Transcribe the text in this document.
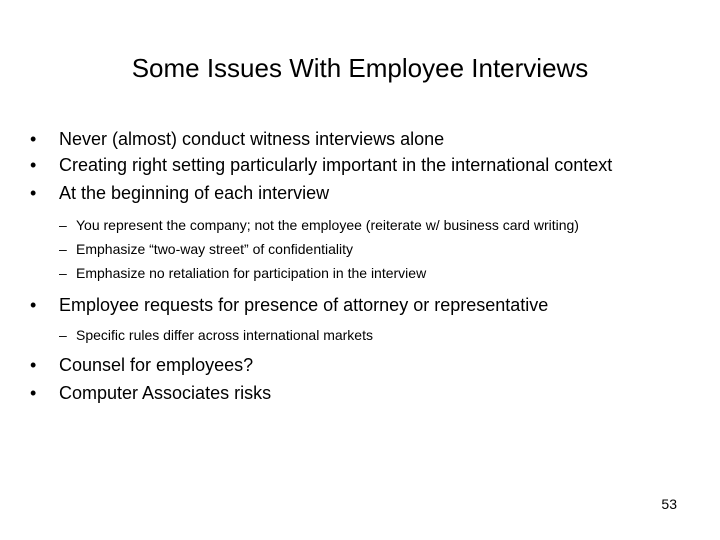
Some Issues With Employee Interviews
•	Never (almost) conduct witness interviews alone
•	Creating right setting particularly important in the international context
•	At the beginning of each interview
– You represent the company; not the employee (reiterate w/ business card writing)
– Emphasize “two-way street” of confidentiality
– Emphasize no retaliation for participation in the interview
•	Employee requests for presence of attorney or representative
– Specific rules differ across international markets
•	Counsel for employees?
•	Computer Associates risks
53
